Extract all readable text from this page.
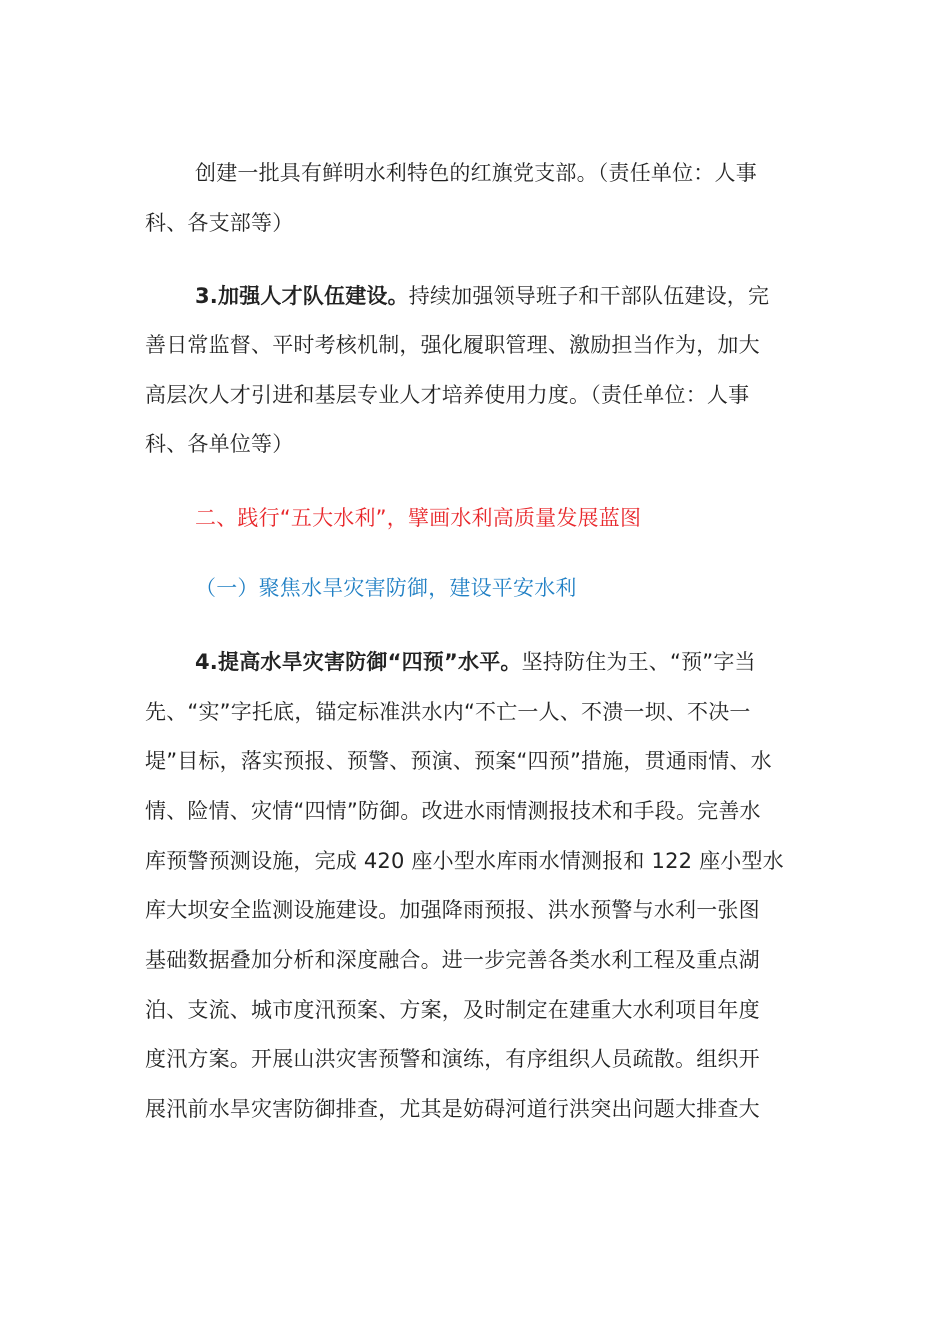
创建一批具有鲜明水利特色的红旗党支部。（责任单位：人事
科、各支部等）
3.加强人才队伍建设。持续加强领导班子和干部队伍建设，完
善日常监督、平时考核机制，强化履职管理、激励担当作为，加大
高层次人才引进和基层专业人才培养使用力度。（责任单位：人事
科、各单位等）
二、践行“五大水利”，擘画水利高质量发展蓝图
（一）聚焦水旱灾害防御，建设平安水利
4.提高水旱灾害防御“四预”水平。坚持防住为王、“预”字当
先、“实”字托底，锚定标准洪水内“不亡一人、不溃一坝、不决一
堤”目标，落实预报、预警、预演、预案“四预”措施，贯通雨情、水
情、险情、灾情“四情”防御。改进水雨情测报技术和手段。完善水
库预警预测设施，完成 420 座小型水库雨水情测报和 122 座小型水
库大坝安全监测设施建设。加强降雨预报、洪水预警与水利一张图
基础数据叠加分析和深度融合。进一步完善各类水利工程及重点湖
泊、支流、城市度汛预案、方案，及时制定在建重大水利项目年度
度汛方案。开展山洪灾害预警和演练，有序组织人员疏散。组织开
展汛前水旱灾害防御排查，尤其是妨碍河道行洪突出问题大排查大
